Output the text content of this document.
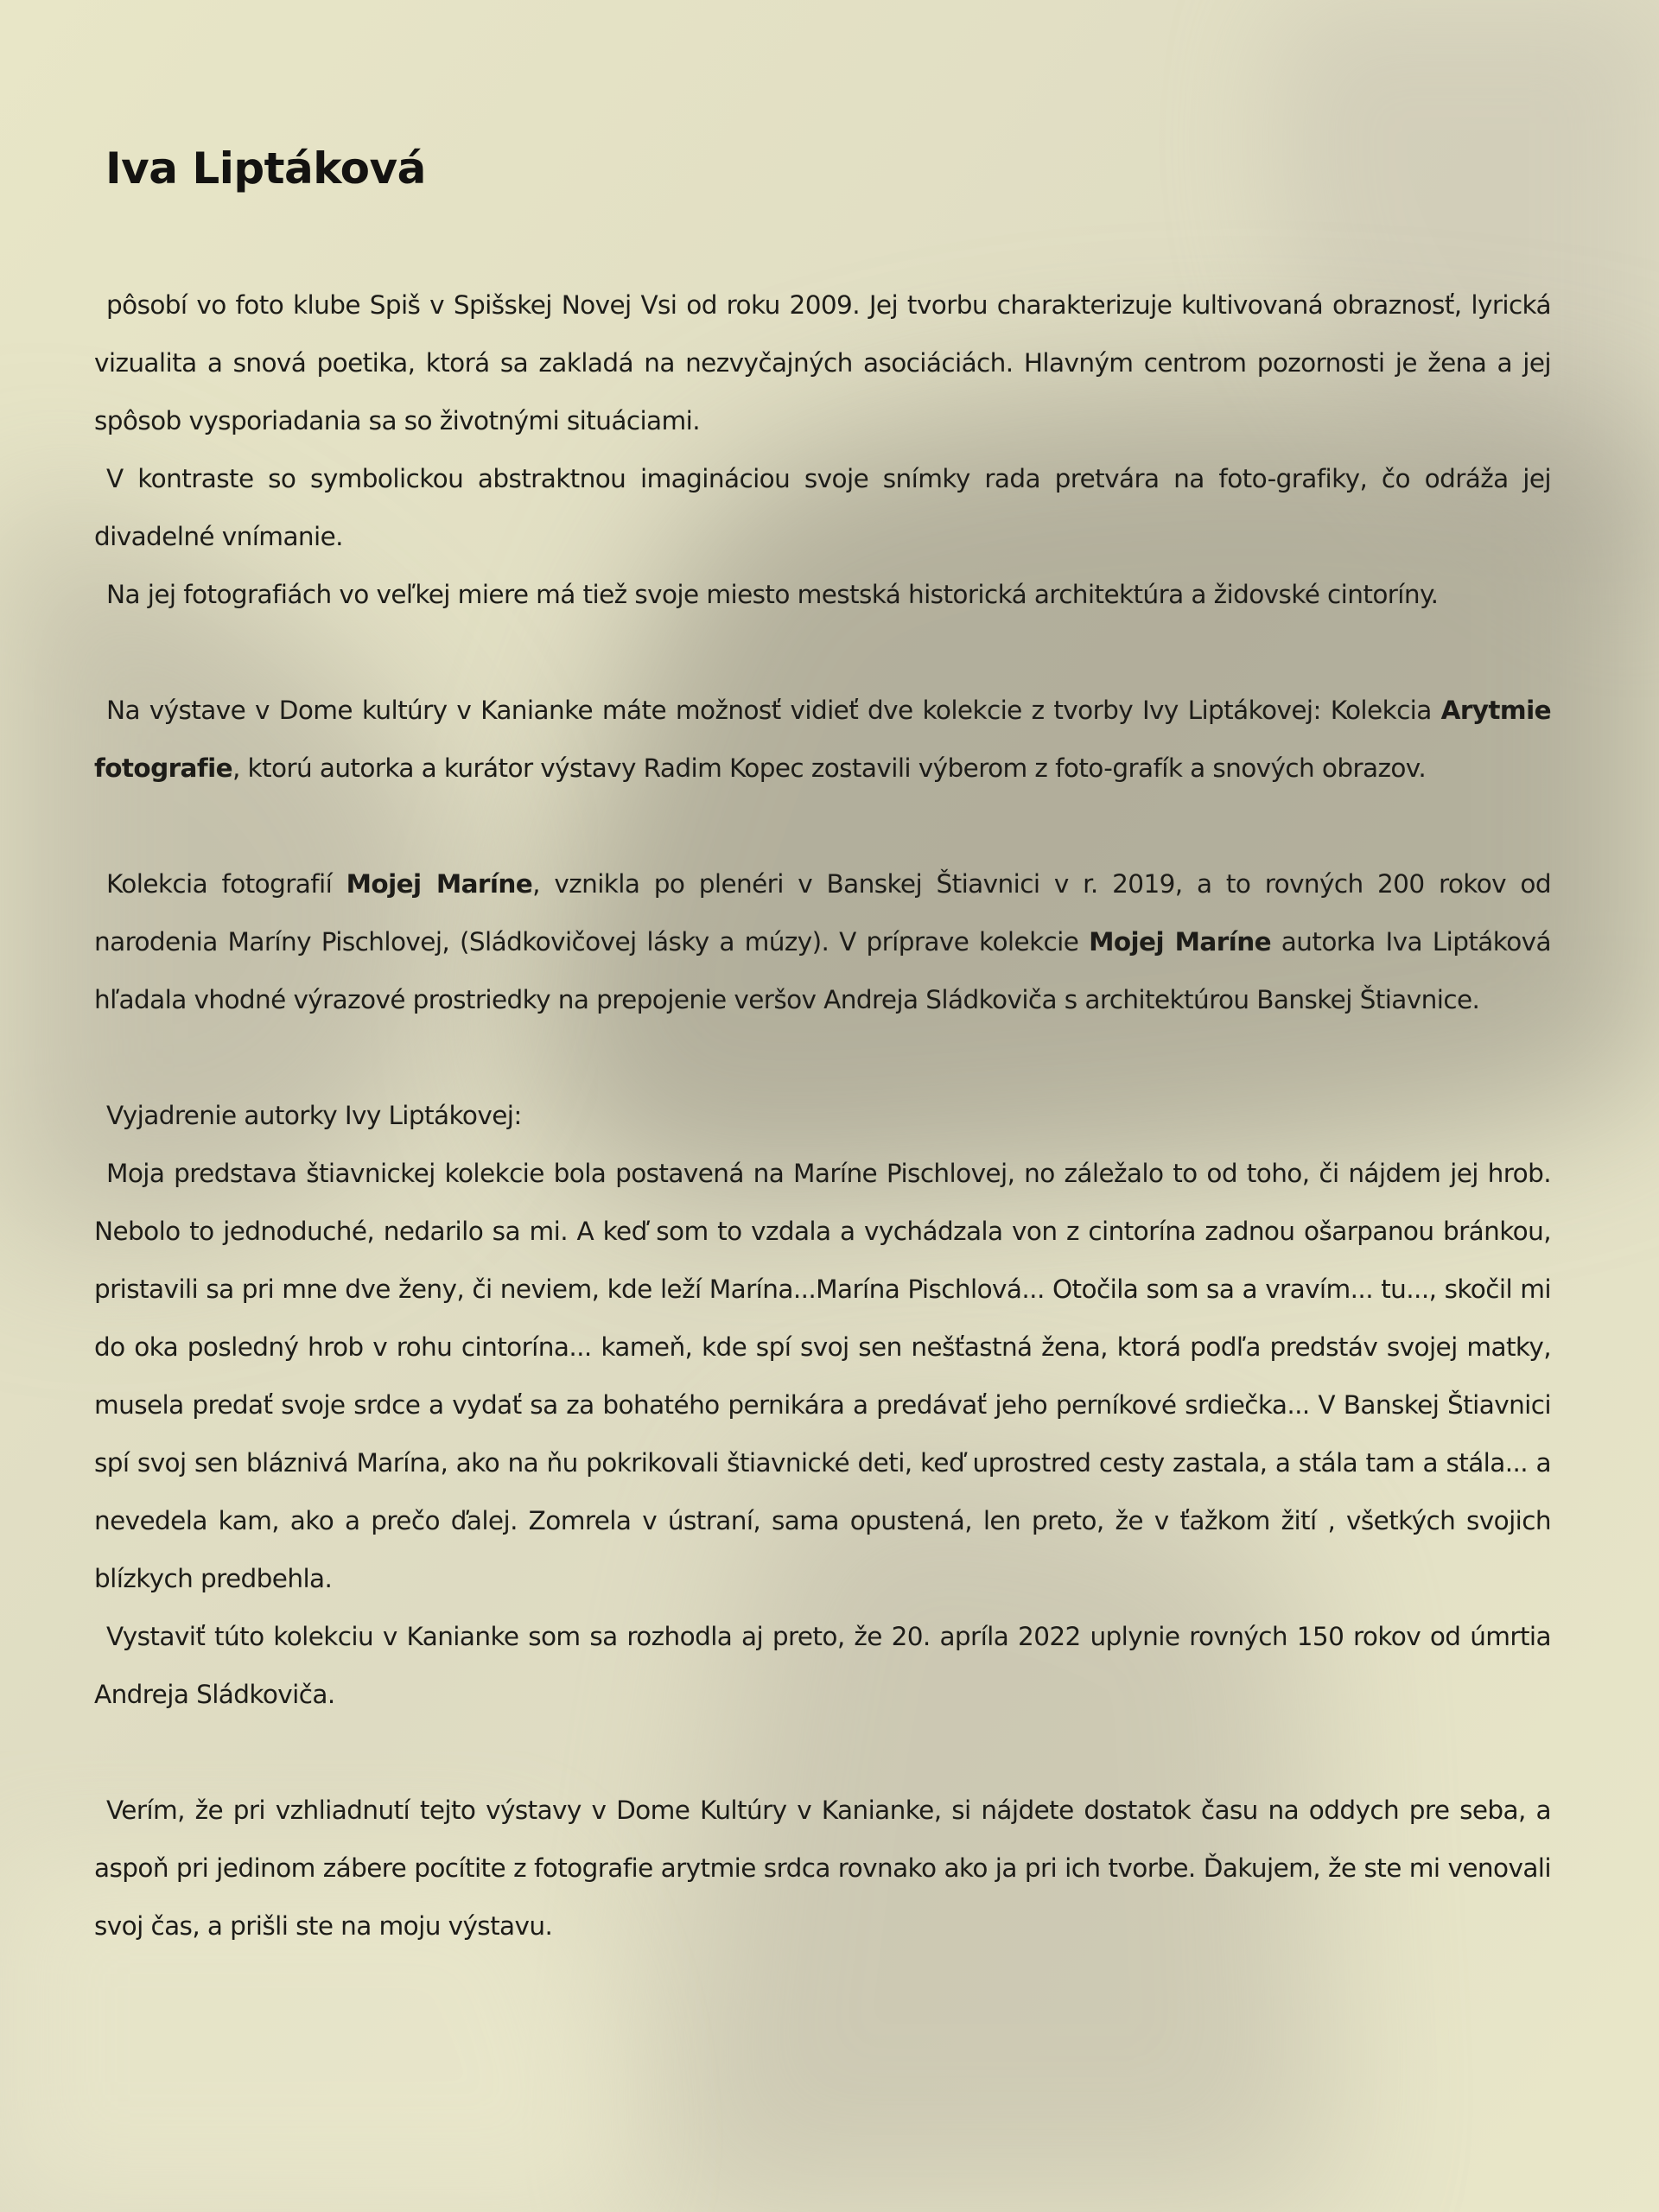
Iva Liptáková

pôsobí vo foto klube Spiš v Spišskej Novej Vsi od roku 2009. Jej tvorbu charakterizuje kultivovaná obraznosť, lyrická vizualita a snová poetika, ktorá sa zakladá na nezvyčajných asociáciách. Hlavným centrom pozornosti je žena a jej spôsob vysporiadania sa so životnými situáciami.

V kontraste so symbolickou abstraktnou imagináciou svoje snímky rada pretvára na foto-grafiky, čo odráža jej divadelné vnímanie.

Na jej fotografiách vo veľkej miere má tiež svoje miesto mestská historická architektúra a židovské cintoríny.

Na výstave v Dome kultúry v Kanianke máte možnosť vidieť dve kolekcie z tvorby Ivy Liptákovej: Kolekcia Arytmie fotografie, ktorú autorka a kurátor výstavy Radim Kopec zostavili výberom z foto-grafík a snových obrazov.

Kolekcia fotografií Mojej Maríne, vznikla po plenéri v Banskej Štiavnici v r. 2019, a to rovných 200 rokov od narodenia Maríny Pischlovej, (Sládkovičovej lásky a múzy). V príprave kolekcie Mojej Maríne autorka Iva Liptáková hľadala vhodné výrazové prostriedky na prepojenie veršov Andreja Sládkoviča s architektúrou Banskej Štiavnice.

Vyjadrenie autorky Ivy Liptákovej:

Moja predstava štiavnickej kolekcie bola postavená na Maríne Pischlovej, no záležalo to od toho, či nájdem jej hrob. Nebolo to jednoduché, nedarilo sa mi. A keď som to vzdala a vychádzala von z cintorína zadnou ošarpanou bránkou, pristavili sa pri mne dve ženy, či neviem, kde leží Marína...Marína Pischlová... Otočila som sa a vravím... tu..., skočil mi do oka posledný hrob v rohu cintorína... kameň, kde spí svoj sen nešťastná žena, ktorá podľa predstáv svojej matky, musela predať svoje srdce a vydať sa za bohatého pernikára a predávať jeho perníkové srdiečka... V Banskej Štiavnici spí svoj sen bláznivá Marína, ako na ňu pokrikovali štiavnické deti, keď uprostred cesty zastala, a stála tam a stála... a nevedela kam, ako a prečo ďalej. Zomrela v ústraní, sama opustená, len preto, že v ťažkom žití , všetkých svojich blízkych predbehla.

Vystaviť túto kolekciu v Kanianke som sa rozhodla aj preto, že 20. apríla 2022 uplynie rovných 150 rokov od úmrtia Andreja Sládkoviča.

Verím, že pri vzhliadnutí tejto výstavy v Dome Kultúry v Kanianke, si nájdete dostatok času na oddych pre seba, a aspoň pri jedinom zábere pocítite z fotografie arytmie srdca rovnako ako ja pri ich tvorbe. Ďakujem, že ste mi venovali svoj čas, a prišli ste na moju výstavu.
